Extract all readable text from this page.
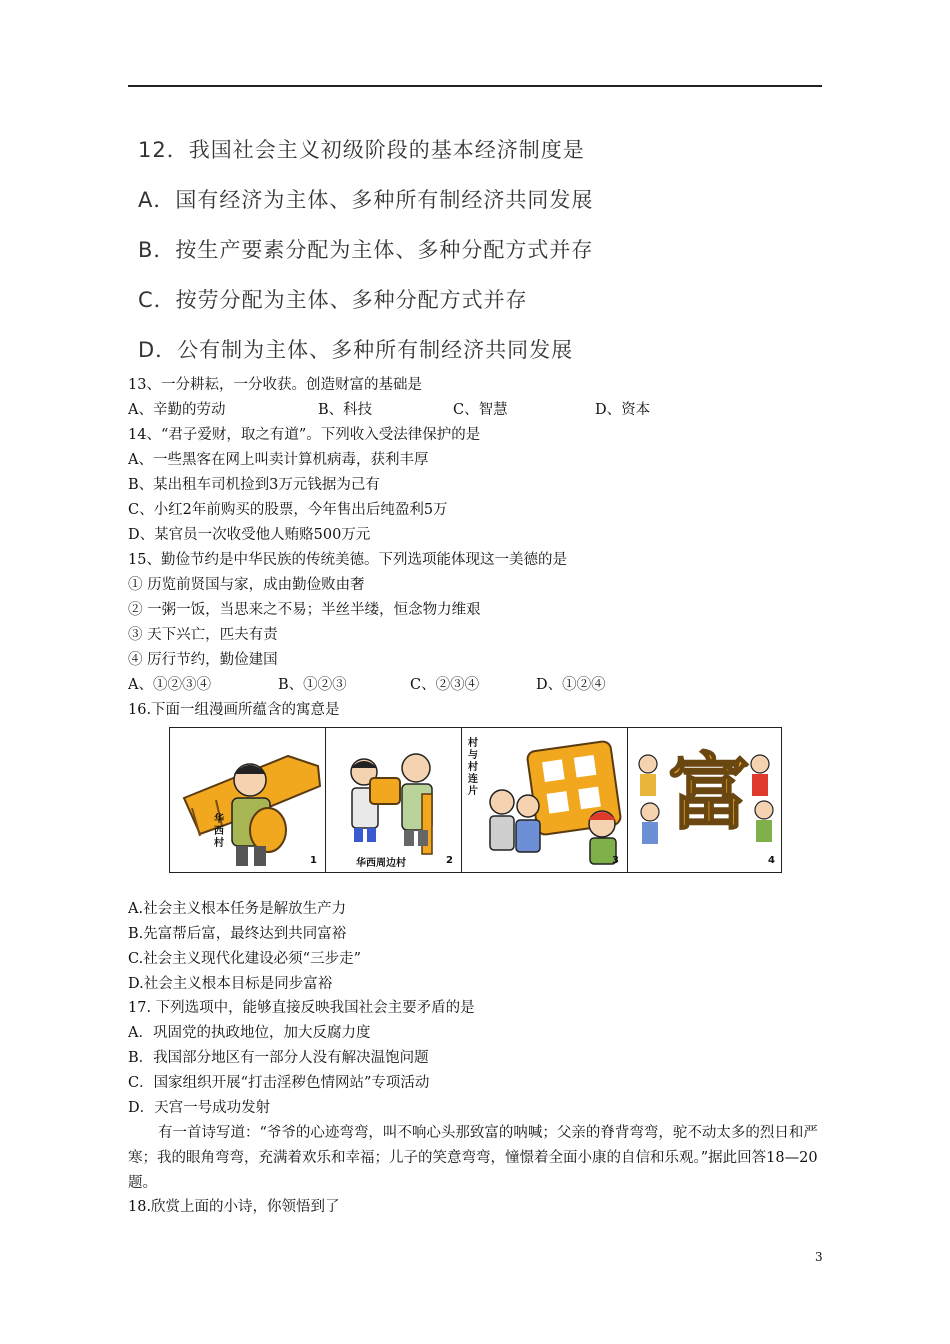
12．我国社会主义初级阶段的基本经济制度是
A．国有经济为主体、多种所有制经济共同发展
B．按生产要素分配为主体、多种分配方式并存
C．按劳分配为主体、多种分配方式并存
D．公有制为主体、多种所有制经济共同发展
13、一分耕耘，一分收获。创造财富的基础是
A、辛勤的劳动	B、科技	C、智慧	D、资本
14、“君子爱财，取之有道”。下列收入受法律保护的是
A、一些黑客在网上叫卖计算机病毒，获利丰厚
B、某出租车司机捡到3万元钱据为己有
C、小红2年前购买的股票，今年售出后纯盈利5万
D、某官员一次收受他人贿赂500万元
15、勤俭节约是中华民族的传统美德。下列选项能体现这一美德的是
① 历览前贤国与家，成由勤俭败由奢
② 一粥一饭，当思来之不易；半丝半缕，恒念物力维艰
③ 天下兴亡，匹夫有责
④ 厉行节约，勤俭建国
A、①②③④	B、①②③	C、②③④	D、①②④
16.下面一组漫画所蕴含的寓意是
华西村
1	华西周边村	2
村与村连片
3
富
4
A.社会主义根本任务是解放生产力
B.先富帮后富，最终达到共同富裕
C.社会主义现代化建设必须“三步走”
D.社会主义根本目标是同步富裕
17. 下列选项中，能够直接反映我国社会主要矛盾的是
A．巩固党的执政地位，加大反腐力度
B．我国部分地区有一部分人没有解决温饱问题
C．国家组织开展“打击淫秽色情网站”专项活动
D．天宫一号成功发射
有一首诗写道：“爷爷的心迹弯弯，叫不响心头那致富的呐喊；父亲的脊背弯弯，驼不动太多的烈日和严寒；我的眼角弯弯，充满着欢乐和幸福；儿子的笑意弯弯，憧憬着全面小康的自信和乐观。”据此回答18—20题。
18.欣赏上面的小诗，你领悟到了
3
